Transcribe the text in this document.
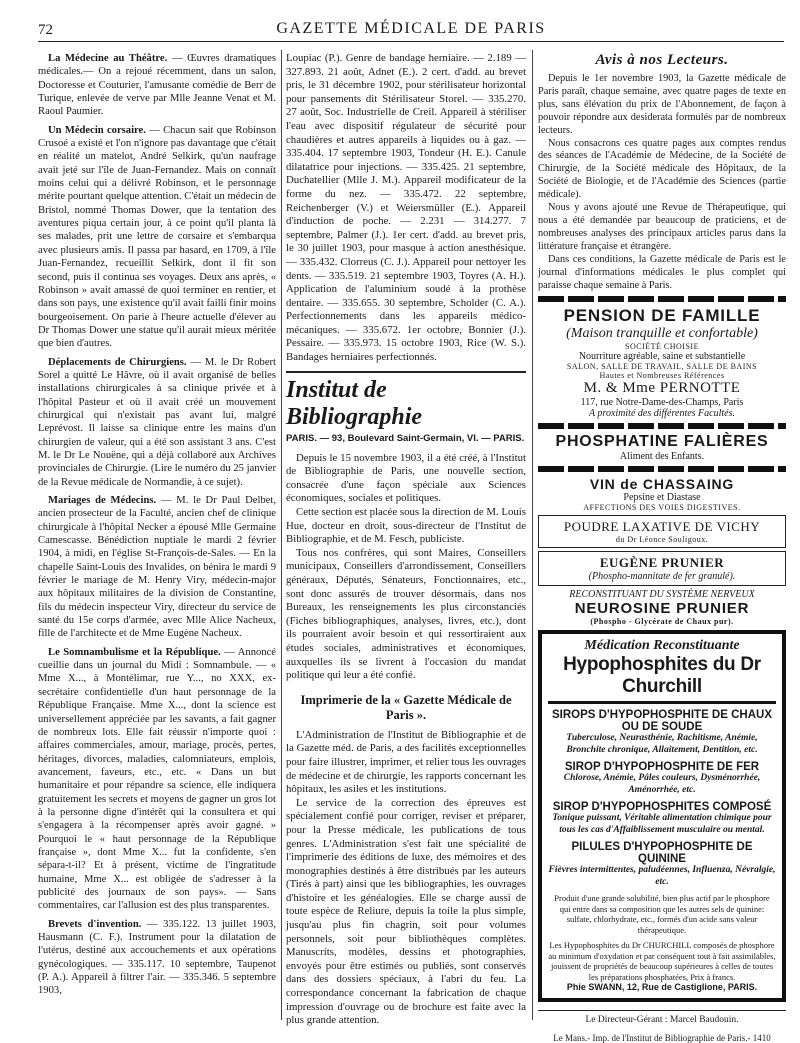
72	GAZETTE MÉDICALE DE PARIS

La Médecine au Théâtre. — Œuvres dramatiques médicales.— On a rejoué récemment, dans un salon, Doctoresse et Couturier, l'amusante comédie de Berr de Turique, enlevée de verve par Mlle Jeanne Venat et M. Raoul Paumier.

Un Médecin corsaire. — Chacun sait que Robinson Crusoé a existé et l'on n'ignore pas davantage que c'était en réalité un matelot, André Selkirk, qu'un naufrage avait jeté sur l'île de Juan-Fernandez. Mais on connaît moins celui qui a délivré Robinson, et le personnage mérite pourtant quelque attention. C'était un médecin de Bristol, nommé Thomas Dower, que la tentation des aventures piqua certain jour, à ce point qu'il planta là ses malades, prit une lettre de corsaire et s'embarqua avec plusieurs amis. Il passa par hasard, en 1709, à l'île Juan-Fernandez, recueillit Selkirk, dont il fit son second, puis il continua ses voyages. Deux ans après, « Robinson » avait amassé de quoi terminer en rentier, et dans son pays, une existence qu'il avait failli finir moins bourgeoisement. On parie à l'heure actuelle d'élever au Dr Thomas Dower une statue qu'il aurait mieux méritée que bien d'autres.

Déplacements de Chirurgiens. — M. le Dr Robert Sorel a quitté Le Hâvre, où il avait organisé de belles installations chirurgicales à sa clinique privée et à l'hôpital Pasteur et où il avait créé un mouvement chirurgical qui n'existait pas avant lui, malgré Leprévost. Il laisse sa clinique entre les mains d'un chirurgien de valeur, qui a été son assistant 3 ans. C'est M. le Dr Le Nouëne, qui a déjà collaboré aux Archives provinciales de Chirurgie. (Lire le numéro du 25 janvier de la Revue médicale de Normandie, à ce sujet).

Mariages de Médecins. — M. le Dr Paul Delbet, ancien prosecteur de la Faculté, ancien chef de clinique chirurgicale à l'hôpital Necker a épousé Mlle Germaine Camescasse. Bénédiction nuptiale le mardi 2 février 1904, à midi, en l'église St-François-de-Sales. — En la chapelle Saint-Louis des Invalides, on bénira le mardi 9 février le mariage de M. Henry Viry, médecin-major aux hôpitaux militaires de la division de Constantine, fils du médecin inspecteur Viry, directeur du service de santé du 15e corps d'armée, avec Mlle Alice Nacheux, fille de l'architecte et de Mme Eugène Nacheux.

Le Somnambulisme et la République. — Annoncé cueillie dans un journal du Midi : Somnambule. — « Mme X..., à Montélimar, rue Y..., no XXX, ex-secrétaire confidentielle d'un haut personnage de la République Française. Mme X..., dont la science est universellement appréciée par les savants, a fait gagner de nombreux lots. Elle fait réussir n'importe quoi : affaires commerciales, amour, mariage, procès, pertes, héritages, divorces, maladies, calomniateurs, emplois, avancement, faveurs, etc., etc. « Dans un but humanitaire et pour répandre sa science, elle indiquera gratuitement les secrets et moyens de gagner un gros lot à la personne digne d'intérêt qui la consultera et qui s'engagera à la récompenser après avoir gagné. » Pourquoi le « haut personnage de la République française », dont Mme X... fut la confidente, s'en sépara-t-il? Et à présent, victime de l'ingratitude humaine, Mme X... est obligée de s'adresser à la publicité des journaux de son pays». — Sans commentaires, car l'allusion est des plus transparentes.

Brevets d'invention. — 335.122. 13 juillet 1903, Hausmann (C. F.). Instrument pour la dilatation de l'utérus, destiné aux accouchements et aux opérations gynécologiques. — 335.117. 10 septembre, Taupenot (P. A.). Appareil à filtrer l'air. — 335.346. 5 septembre 1903,

Loupiac (P.). Genre de bandage herniaire. — 2.189 — 327.893. 21 août, Adnet (E.). 2 cert. d'add. au brevet pris, le 31 décembre 1902, pour stérilisateur horizontal pour pansements dit Stérilisateur Storel. — 335.270. 27 août, Soc. Industrielle de Creil. Appareil à stériliser l'eau avec dispositif régulateur de sécurité pour chaudières et autres appareils à liquides ou à gaz. — 335.404. 17 septembre 1903, Tondeur (H. E.). Canule dilatatrice pour injections. — 335.425. 21 septembre, Duchatellier (Mlle J. M.). Appareil modificateur de la forme du nez. — 335.472. 22 septembre, Reichenberger (V.) et Weiersmüller (E.). Appareil d'induction de poche. — 2.231 — 314.277. 7 septembre, Palmer (J.). 1er cert. d'add. au brevet pris, le 30 juillet 1903, pour masque à action anesthésique. — 335.432. Clorreus (C. J.). Appareil pour nettoyer les dents. — 335.519. 21 septembre 1903, Toyres (A. H.). Application de l'aluminium soudé à la prothèse dentaire. — 335.655. 30 septembre, Scholder (C. A.). Perfectionnements dans les appareils médico-mécaniques. — 335.672. 1er octobre, Bonnier (J.). Pessaire. — 335.973. 15 octobre 1903, Rice (W. S.). Bandages herniaires perfectionnés.

Institut de Bibliographie
PARIS. — 93, Boulevard Saint-Germain, VI. — PARIS.

Depuis le 15 novembre 1903, il a été créé, à l'Institut de Bibliographie de Paris, une nouvelle section, consacrée d'une façon spéciale aux Sciences économiques, sociales et politiques.

Cette section est placée sous la direction de M. Louis Hue, docteur en droit, sous-directeur de l'Institut de Bibliographie, et de M. Fesch, publiciste.

Tous nos confrères, qui sont Maires, Conseillers municipaux, Conseillers d'arrondissement, Conseillers généraux, Députés, Sénateurs, Fonctionnaires, etc., sont donc assurés de trouver désormais, dans nos Bureaux, les renseignements les plus circonstanciés (Fiches bibliographiques, analyses, livres, etc.), dont ils pourraient avoir besoin et qui ressortiraient aux études sociales, administratives et économiques, auxquelles ils se livrent à l'occasion du mandat politique qui leur a été confié.

Imprimerie de la « Gazette Médicale de Paris ».

L'Administration de l'Institut de Bibliographie et de la Gazette méd. de Paris, a des facilités exceptionnelles pour faire illustrer, imprimer, et relier tous les ouvrages de médecine et de chirurgie, les rapports concernant les hôpitaux, les asiles et les institutions.

Le service de la correction des épreuves est spécialement confié pour corriger, reviser et préparer, pour la Presse médicale, les publications de tous genres. L'Administration s'est fait une spécialité de l'imprimerie des éditions de luxe, des mémoires et des monographies destinés à être distribués par les auteurs (Tirés à part) ainsi que les bibliographies, les ouvrages d'histoire et les généalogies. Elle se charge aussi de toute espèce de Reliure, depuis la toile la plus simple, jusqu'au plus fin chagrin, soit pour volumes personnels, soit pour bibliothèques complètes. Manuscrits, modèles, dessins et photographies, envoyés pour être estimés ou publiés, sont conservés dans des dossiers spéciaux, à l'abri du feu. La correspondance concernant la fabrication de chaque impression d'ouvrage ou de brochure est faite avec la plus grande attention.

Avis à nos Lecteurs.

Depuis le 1er novembre 1903, la Gazette médicale de Paris paraît, chaque semaine, avec quatre pages de texte en plus, sans élévation du prix de l'Abonnement, de façon à pouvoir répondre aux desiderata formulés par de nombreux lecteurs.

Nous consacrons ces quatre pages aux comptes rendus des séances de l'Académie de Médecine, de la Société de Chirurgie, de la Société médicale des Hôpitaux, de la Société de Biologie, et de l'Académie des Sciences (partie médicale).

Nous y avons ajouté une Revue de Thérapeutique, qui nous a été demandée par beaucoup de praticiens, et de nombreuses analyses des principaux articles parus dans la littérature française et étrangère.

Dans ces conditions, la Gazette médicale de Paris est le journal d'informations médicales le plus complet qui paraisse chaque semaine à Paris.

PENSION DE FAMILLE
(Maison tranquille et confortable)
SOCIÉTÉ CHOISIE
Nourriture agréable, saine et substantielle
SALON, SALLE DE TRAVAIL, SALLE DE BAINS
Hautes et Nombreuses Références
M. & Mme PERNOTTE
117, rue Notre-Dame-des-Champs, Paris
A proximité des différentes Facultés.
PHOSPHATINE FALIÈRES
Aliment des Enfants.
VIN de CHASSAING
Pepsine et Diastase
AFFECTIONS DES VOIES DIGESTIVES.
POUDRE LAXATIVE DE VICHY
du Dr Léonce Souligoux.
EUGÈNE PRUNIER
(Phospho-mannitate de fer granulé).
RECONSTITUANT DU SYSTÈME NERVEUX
NEUROSINE PRUNIER
(Phospho - Glycérate de Chaux pur).
Médication Reconstituante
Hypophosphites du Dr Churchill
SIROPS D'HYPOPHOSPHITE DE CHAUX OU DE SOUDE
Tuberculose, Neurasthénie, Rachitisme, Anémie, Bronchite chronique, Allaitement, Dentition, etc.
SIROP D'HYPOPHOSPHITE DE FER
Chlorose, Anémie, Pâles couleurs, Dysménorrhée, Aménorrhée, etc.
SIROP D'HYPOPHOSPHITES COMPOSÉ
Tonique puissant, Véritable alimentation chimique pour tous les cas d'Affaiblissement musculaire ou mental.
PILULES D'HYPOPHOSPHITE DE QUININE
Fièvres intermittentes, paludéennes, Influenza, Névralgie, etc.
Produit d'une grande solubilité, bien plus actif par le phosphore qui entre dans sa composition que les autres sels de quinine: sulfate, chlorhydrate, etc., formés d'un acide sans valeur thérapeutique.
Les Hypophosphites du Dr CHURCHILL composés de phosphore au minimum d'oxydation et par conséquent tout à fait assimilables, jouissent de propriétés de beaucoup supérieures à celles de toutes les préparations phosphatées, Prix à francs.
Phie SWANN, 12, Rue de Castiglione, PARIS.
Le Directeur-Gérant : Marcel Baudouin.
Le Mans.- Imp. de l'Institut de Bibliographie de Paris.- 1410
